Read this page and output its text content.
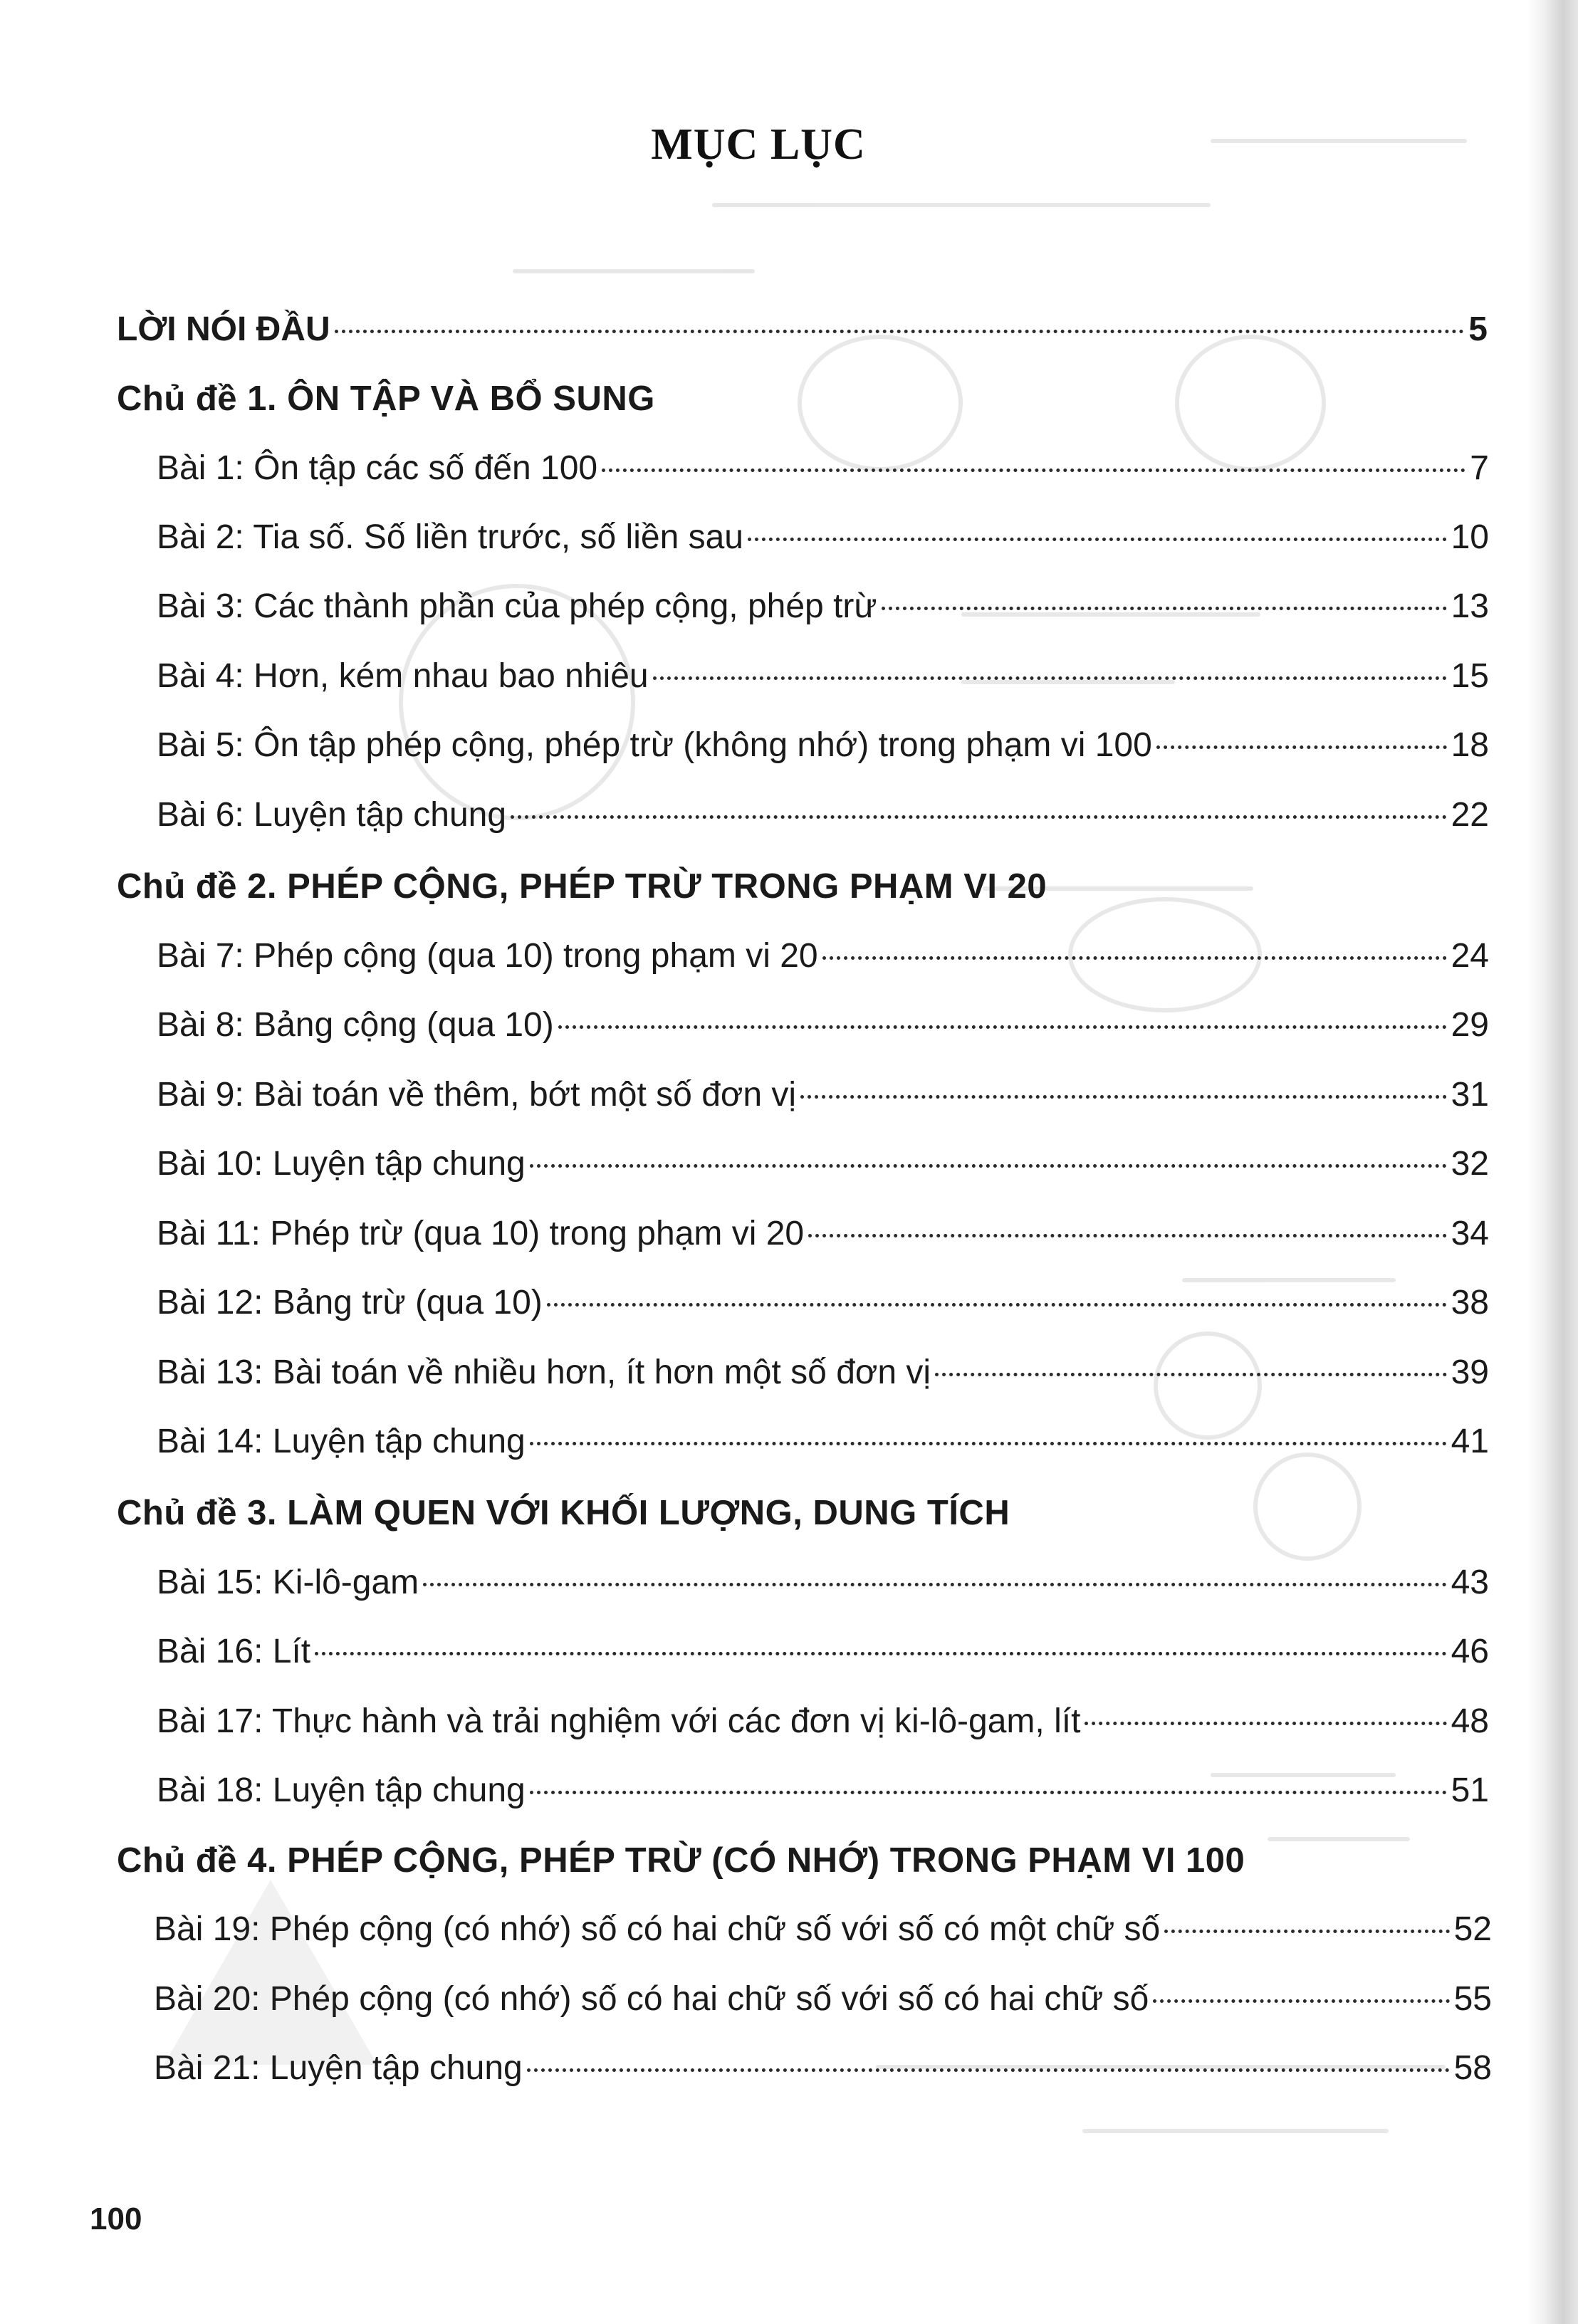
MỤC LỤC
LỜI NÓI ĐẦU	5
Chủ đề 1. ÔN TẬP VÀ BỔ SUNG
Bài 1: Ôn tập các số đến 100	7
Bài 2: Tia số. Số liền trước, số liền sau	10
Bài 3: Các thành phần của phép cộng, phép trừ	13
Bài 4: Hơn, kém nhau bao nhiêu	15
Bài 5: Ôn tập phép cộng, phép trừ (không nhớ) trong phạm vi 100	18
Bài 6: Luyện tập chung	22
Chủ đề 2. PHÉP CỘNG, PHÉP TRỪ TRONG PHẠM VI 20
Bài 7: Phép cộng (qua 10) trong phạm vi 20	24
Bài 8: Bảng cộng (qua 10)	29
Bài 9: Bài toán về thêm, bớt một số đơn vị	31
Bài 10: Luyện tập chung	32
Bài 11: Phép trừ (qua 10) trong phạm vi 20	34
Bài 12: Bảng trừ (qua 10)	38
Bài 13: Bài toán về nhiều hơn, ít hơn một số đơn vị	39
Bài 14: Luyện tập chung	41
Chủ đề 3. LÀM QUEN VỚI KHỐI LƯỢNG, DUNG TÍCH
Bài 15: Ki-lô-gam	43
Bài 16: Lít	46
Bài 17: Thực hành và trải nghiệm với các đơn vị ki-lô-gam, lít	48
Bài 18: Luyện tập chung	51
Chủ đề 4. PHÉP CỘNG, PHÉP TRỪ (CÓ NHỚ) TRONG PHẠM VI 100
Bài 19: Phép cộng (có nhớ) số có hai chữ số với số có một chữ số	52
Bài 20: Phép cộng (có nhớ) số có hai chữ số với số có hai chữ số	55
Bài 21: Luyện tập chung	58
100
